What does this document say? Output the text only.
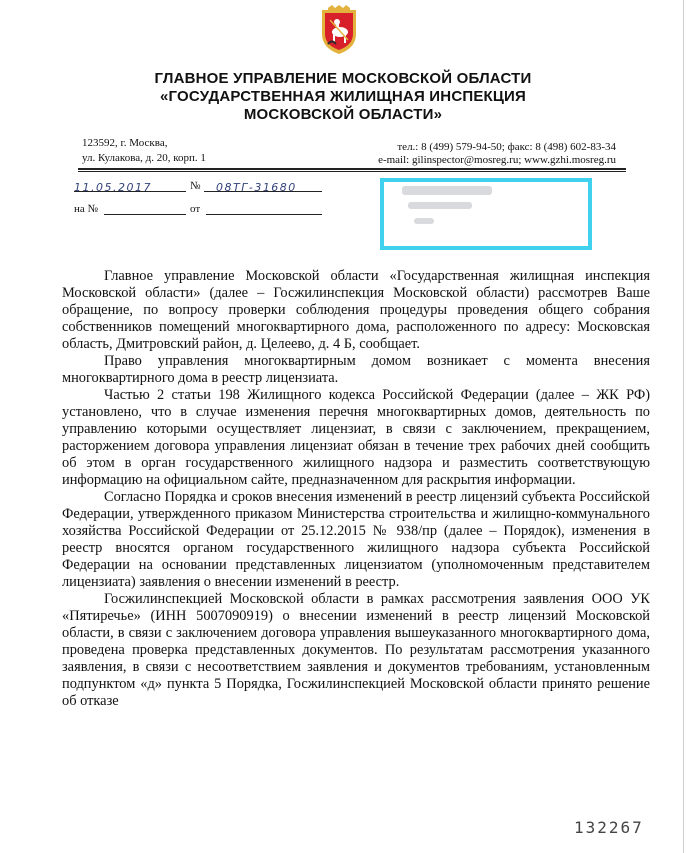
ГЛАВНОЕ УПРАВЛЕНИЕ МОСКОВСКОЙ ОБЛАСТИ
«ГОСУДАРСТВЕННАЯ ЖИЛИЩНАЯ ИНСПЕКЦИЯ
МОСКОВСКОЙ ОБЛАСТИ»
123592, г. Москва,
ул. Кулакова, д. 20, корп. 1
тел.: 8 (499) 579-94-50; факс: 8 (498) 602-83-34
e-mail: gilinspector@mosreg.ru; www.gzhi.mosreg.ru
11.05.2017	№	08ТГ-31680
на №	от

Главное управление Московской области «Государственная жилищная инспекция Московской области» (далее – Госжилинспекция Московской области) рассмотрев Ваше обращение, по вопросу проверки соблюдения процедуры проведения общего собрания собственников помещений многоквартирного дома, расположенного по адресу: Московская область, Дмитровский район, д. Целеево, д. 4 Б, сообщает.

Право управления многоквартирным домом возникает с момента внесения многоквартирного дома в реестр лицензиата.

Частью 2 статьи 198 Жилищного кодекса Российской Федерации (далее – ЖК РФ) установлено, что в случае изменения перечня многоквартирных домов, деятельность по управлению которыми осуществляет лицензиат, в связи с заключением, прекращением, расторжением договора управления лицензиат обязан в течение трех рабочих дней сообщить об этом в орган государственного жилищного надзора и разместить соответствующую информацию на официальном сайте, предназначенном для раскрытия информации.

Согласно Порядка и сроков внесения изменений в реестр лицензий субъекта Российской Федерации, утвержденного приказом Министерства строительства и жилищно-коммунального хозяйства Российской Федерации от 25.12.2015 № 938/пр (далее – Порядок), изменения в реестр вносятся органом государственного жилищного надзора субъекта Российской Федерации на основании представленных лицензиатом (уполномоченным представителем лицензиата) заявления о внесении изменений в реестр.

Госжилинспекцией Московской области в рамках рассмотрения заявления ООО УК «Пятиречье» (ИНН 5007090919) о внесении изменений в реестр лицензий Московской области, в связи с заключением договора управления вышеуказанного многоквартирного дома, проведена проверка представленных документов. По результатам рассмотрения указанного заявления, в связи с несоответствием заявления и документов требованиям, установленным подпунктом «д» пункта 5 Порядка, Госжилинспекцией Московской области принято решение об отказе

132267
